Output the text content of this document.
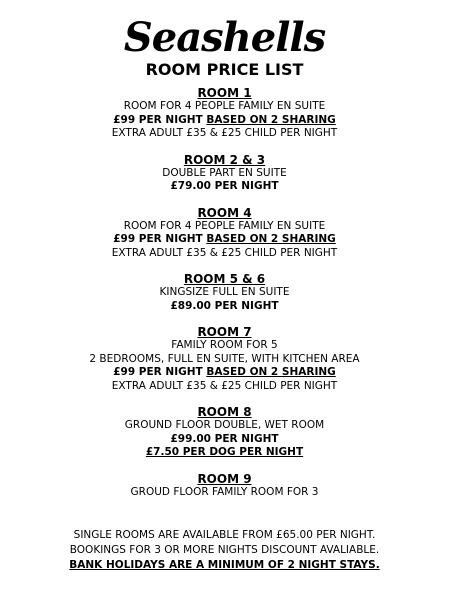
Seashells
ROOM PRICE LIST
ROOM 1
ROOM FOR 4 PEOPLE FAMILY EN SUITE
£99 PER NIGHT BASED ON 2 SHARING
EXTRA ADULT £35 & £25 CHILD PER NIGHT
ROOM 2 & 3
DOUBLE PART EN SUITE
£79.00 PER NIGHT
ROOM 4
ROOM FOR 4 PEOPLE FAMILY EN SUITE
£99 PER NIGHT BASED ON 2 SHARING
EXTRA ADULT £35 & £25 CHILD PER NIGHT
ROOM 5 & 6
KINGSIZE FULL EN SUITE
£89.00 PER NIGHT
ROOM 7
FAMILY ROOM FOR 5
2 BEDROOMS, FULL EN SUITE, WITH KITCHEN AREA
£99 PER NIGHT BASED ON 2 SHARING
EXTRA ADULT £35 & £25 CHILD PER NIGHT
ROOM 8
GROUND FLOOR DOUBLE, WET ROOM
£99.00 PER NIGHT
£7.50 PER DOG PER NIGHT
ROOM 9
GROUD FLOOR FAMILY ROOM FOR 3
SINGLE ROOMS ARE AVAILABLE FROM £65.00 PER NIGHT.
BOOKINGS FOR 3 OR MORE NIGHTS DISCOUNT AVALIABLE.
BANK HOLIDAYS ARE A MINIMUM OF 2 NIGHT STAYS.
